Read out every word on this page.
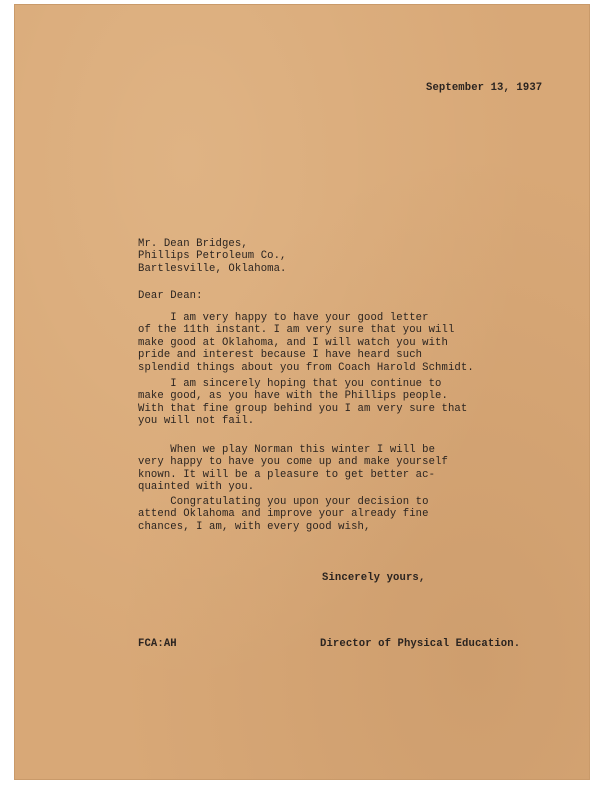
September 13, 1937
Mr. Dean Bridges,
Phillips Petroleum Co.,
Bartlesville, Oklahoma.
Dear Dean:
I am very happy to have your good letter
of the 11th instant. I am very sure that you will
make good at Oklahoma, and I will watch you with
pride and interest because I have heard such
splendid things about you from Coach Harold Schmidt.
I am sincerely hoping that you continue to
make good, as you have with the Phillips people.
With that fine group behind you I am very sure that
you will not fail.
When we play Norman this winter I will be
very happy to have you come up and make yourself
known. It will be a pleasure to get better ac-
quainted with you.
Congratulating you upon your decision to
attend Oklahoma and improve your already fine
chances, I am, with every good wish,
Sincerely yours,
FCA:AH	Director of Physical Education.
